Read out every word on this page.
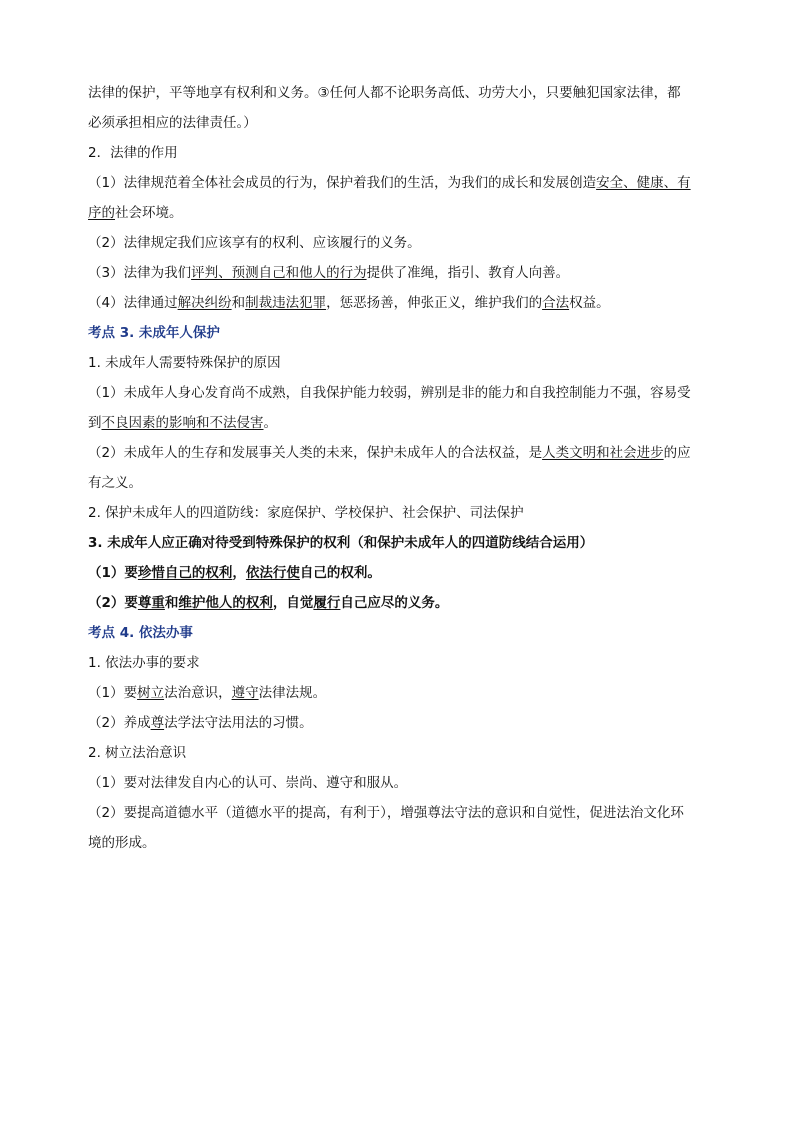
法律的保护，平等地享有权利和义务。③任何人都不论职务高低、功劳大小，只要触犯国家法律，都

必须承担相应的法律责任。）

2．法律的作用

（1）法律规范着全体社会成员的行为，保护着我们的生活，为我们的成长和发展创造安全、健康、有

序的社会环境。

（2）法律规定我们应该享有的权利、应该履行的义务。

（3）法律为我们评判、预测自己和他人的行为提供了准绳，指引、教育人向善。

（4）法律通过解决纠纷和制裁违法犯罪，惩恶扬善，伸张正义，维护我们的合法权益。

考点 3. 未成年人保护

1. 未成年人需要特殊保护的原因

（1）未成年人身心发育尚不成熟，自我保护能力较弱，辨别是非的能力和自我控制能力不强，容易受

到不良因素的影响和不法侵害。

（2）未成年人的生存和发展事关人类的未来，保护未成年人的合法权益，是人类文明和社会进步的应

有之义。

2. 保护未成年人的四道防线：家庭保护、学校保护、社会保护、司法保护

3. 未成年人应正确对待受到特殊保护的权利（和保护未成年人的四道防线结合运用）

（1）要珍惜自己的权利，依法行使自己的权利。

（2）要尊重和维护他人的权利，自觉履行自己应尽的义务。

考点 4. 依法办事

1. 依法办事的要求

（1）要树立法治意识，遵守法律法规。

（2）养成尊法学法守法用法的习惯。

2. 树立法治意识

（1）要对法律发自内心的认可、崇尚、遵守和服从。

（2）要提高道德水平（道德水平的提高，有利于），增强尊法守法的意识和自觉性，促进法治文化环

境的形成。
